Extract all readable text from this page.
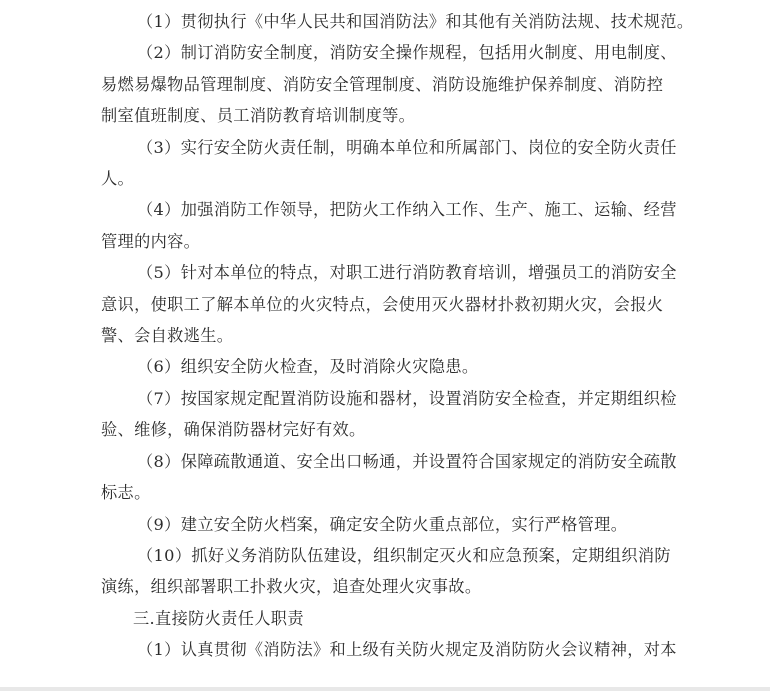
（1）贯彻执行《中华人民共和国消防法》和其他有关消防法规、技术规范。

（2）制订消防安全制度，消防安全操作规程，包括用火制度、用电制度、
易燃易爆物品管理制度、消防安全管理制度、消防设施维护保养制度、消防控
制室值班制度、员工消防教育培训制度等。

（3）实行安全防火责任制，明确本单位和所属部门、岗位的安全防火责任
人。

（4）加强消防工作领导，把防火工作纳入工作、生产、施工、运输、经营
管理的内容。

（5）针对本单位的特点，对职工进行消防教育培训，增强员工的消防安全
意识，使职工了解本单位的火灾特点，会使用灭火器材扑救初期火灾，会报火
警、会自救逃生。

（6）组织安全防火检查，及时消除火灾隐患。

（7）按国家规定配置消防设施和器材，设置消防安全检查，并定期组织检
验、维修，确保消防器材完好有效。

（8）保障疏散通道、安全出口畅通，并设置符合国家规定的消防安全疏散
标志。

（9）建立安全防火档案，确定安全防火重点部位，实行严格管理。

（10）抓好义务消防队伍建设，组织制定灭火和应急预案，定期组织消防
演练，组织部署职工扑救火灾，追查处理火灾事故。

三.直接防火责任人职责

（1）认真贯彻《消防法》和上级有关防火规定及消防防火会议精神，对本
